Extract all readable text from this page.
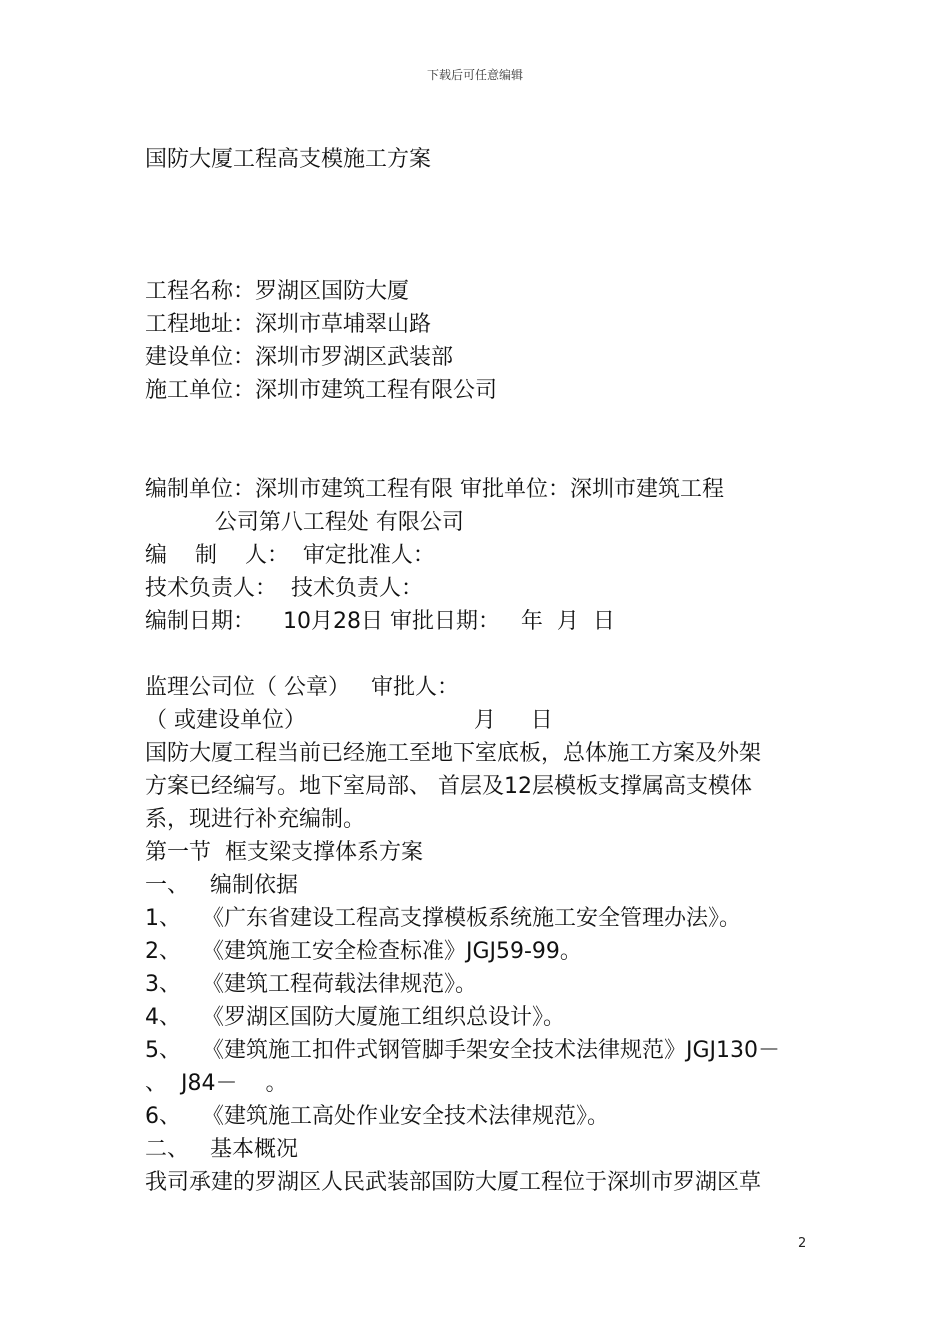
下载后可任意编辑
国防大厦工程高支模施工方案
工程名称：罗湖区国防大厦
工程地址：深圳市草埔翠山路
建设单位：深圳市罗湖区武装部
施工单位：深圳市建筑工程有限公司
编制单位：深圳市建筑工程有限 审批单位：深圳市建筑工程
公司第八工程处 有限公司
编    制    人：  审定批准人：
技术负责人：  技术负责人：
编制日期：    10月28日 审批日期：   年  月  日
监理公司位（ 公章）   审批人：
（ 或建设单位）                        月     日
国防大厦工程当前已经施工至地下室底板，总体施工方案及外架
方案已经编写。地下室局部、 首层及12层模板支撑属高支模体
系，现进行补充编制。
第一节  框支梁支撑体系方案
一、   编制依据
1、   《广东省建设工程高支撑模板系统施工安全管理办法》。
2、   《建筑施工安全检查标准》JGJ59-99。
3、   《建筑工程荷载法律规范》。
4、   《罗湖区国防大厦施工组织总设计》。
5、   《建筑施工扣件式钢管脚手架安全技术法律规范》JGJ130－
、  J84－    。
6、   《建筑施工高处作业安全技术法律规范》。
二、   基本概况
我司承建的罗湖区人民武装部国防大厦工程位于深圳市罗湖区草
2
